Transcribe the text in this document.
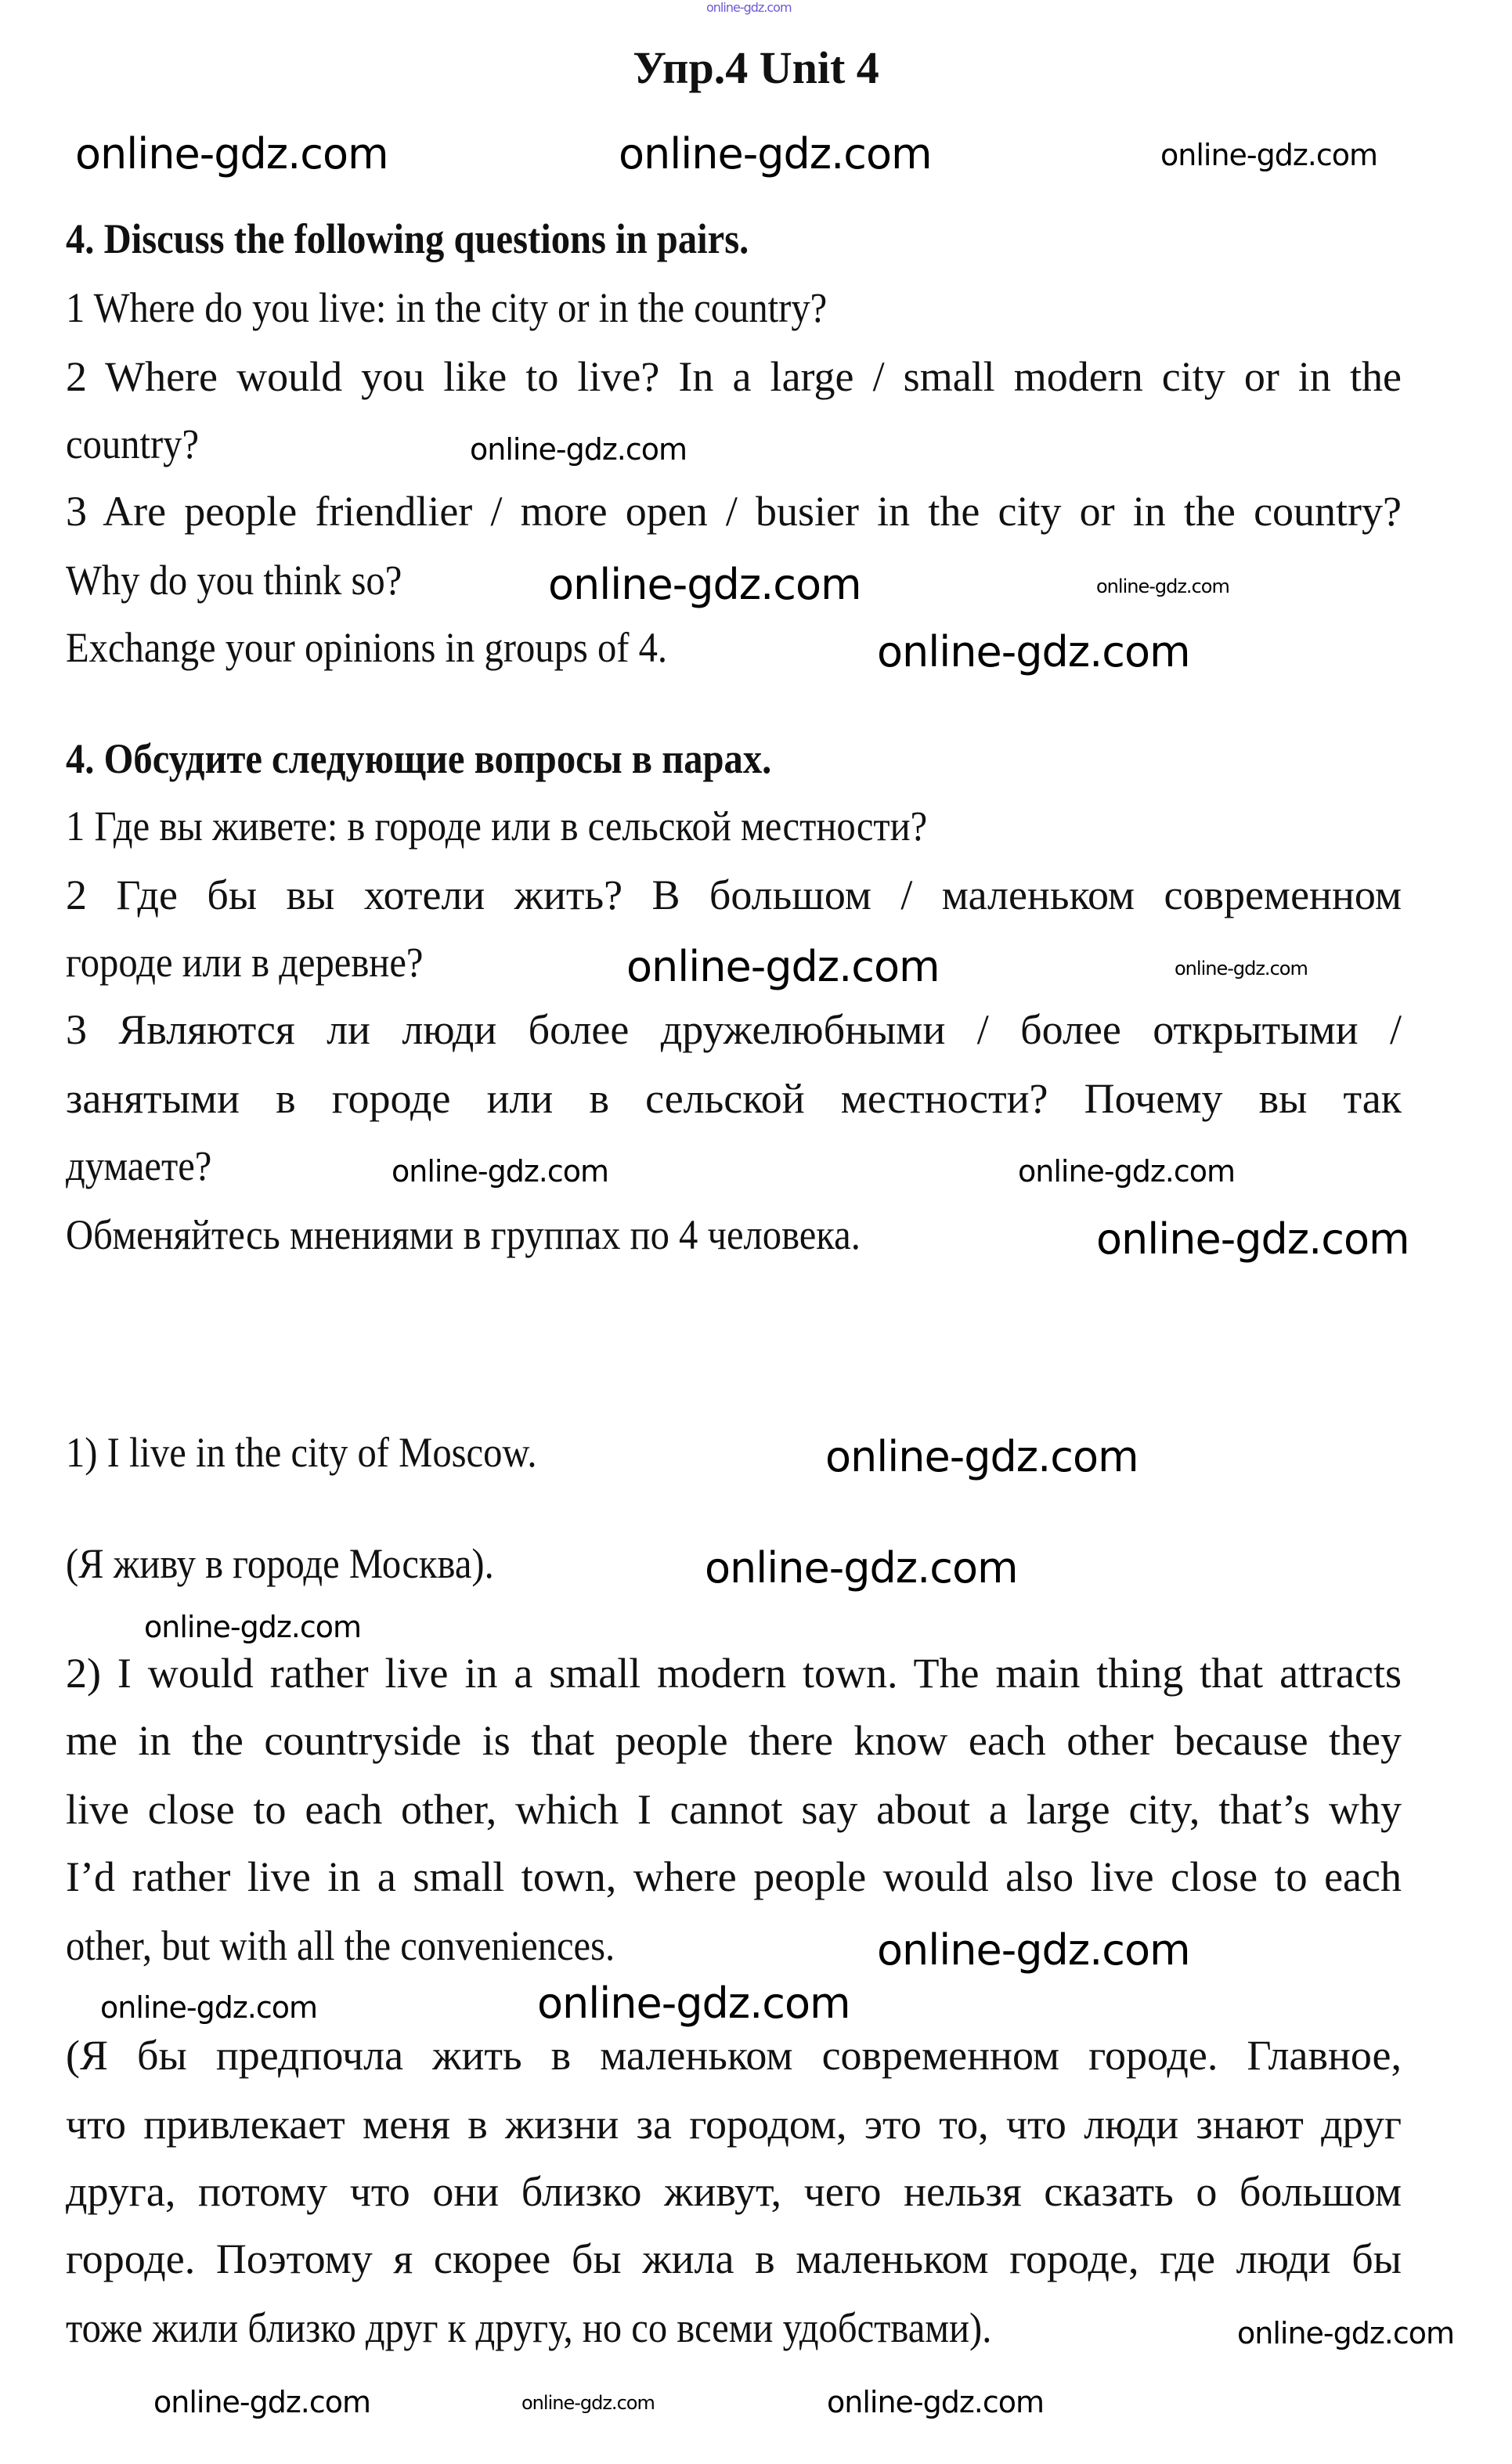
online-gdz.com
Упр.4 Unit 4
4. Discuss the following questions in pairs.
1 Where do you live: in the city or in the country?
2 Where would you like to live? In a large / small modern city or in the
country?
3 Are people friendlier / more open / busier in the city or in the country?
Why do you think so?
Exchange your opinions in groups of 4.
4. Обсудите следующие вопросы в парах.
1 Где вы живете: в городе или в сельской местности?
2 Где бы вы хотели жить? В большом / маленьком современном
городе или в деревне?
3 Являются ли люди более дружелюбными / более открытыми /
занятыми в городе или в сельской местности? Почему вы так
думаете?
Обменяйтесь мнениями в группах по 4 человека.
1) I live in the city of Moscow.
(Я живу в городе Москва).
2) I would rather live in a small modern town. The main thing that attracts
me in the countryside is that people there know each other because they
live close to each other, which I cannot say about a large city, that’s why
I’d rather live in a small town, where people would also live close to each
other, but with all the conveniences.
(Я бы предпочла жить в маленьком современном городе. Главное,
что привлекает меня в жизни за городом, это то, что люди знают друг
друга, потому что они близко живут, чего нельзя сказать о большом
городе. Поэтому я скорее бы жила в маленьком городе, где люди бы
тоже жили близко друг к другу, но со всеми удобствами).
online-gdz.com	online-gdz.com	online-gdz.com
online-gdz.com
online-gdz.com	online-gdz.com
online-gdz.com
online-gdz.com	online-gdz.com
online-gdz.com	online-gdz.com
online-gdz.com
online-gdz.com
online-gdz.com
online-gdz.com
online-gdz.com
online-gdz.com
online-gdz.com
online-gdz.com
online-gdz.com	online-gdz.com	online-gdz.com
